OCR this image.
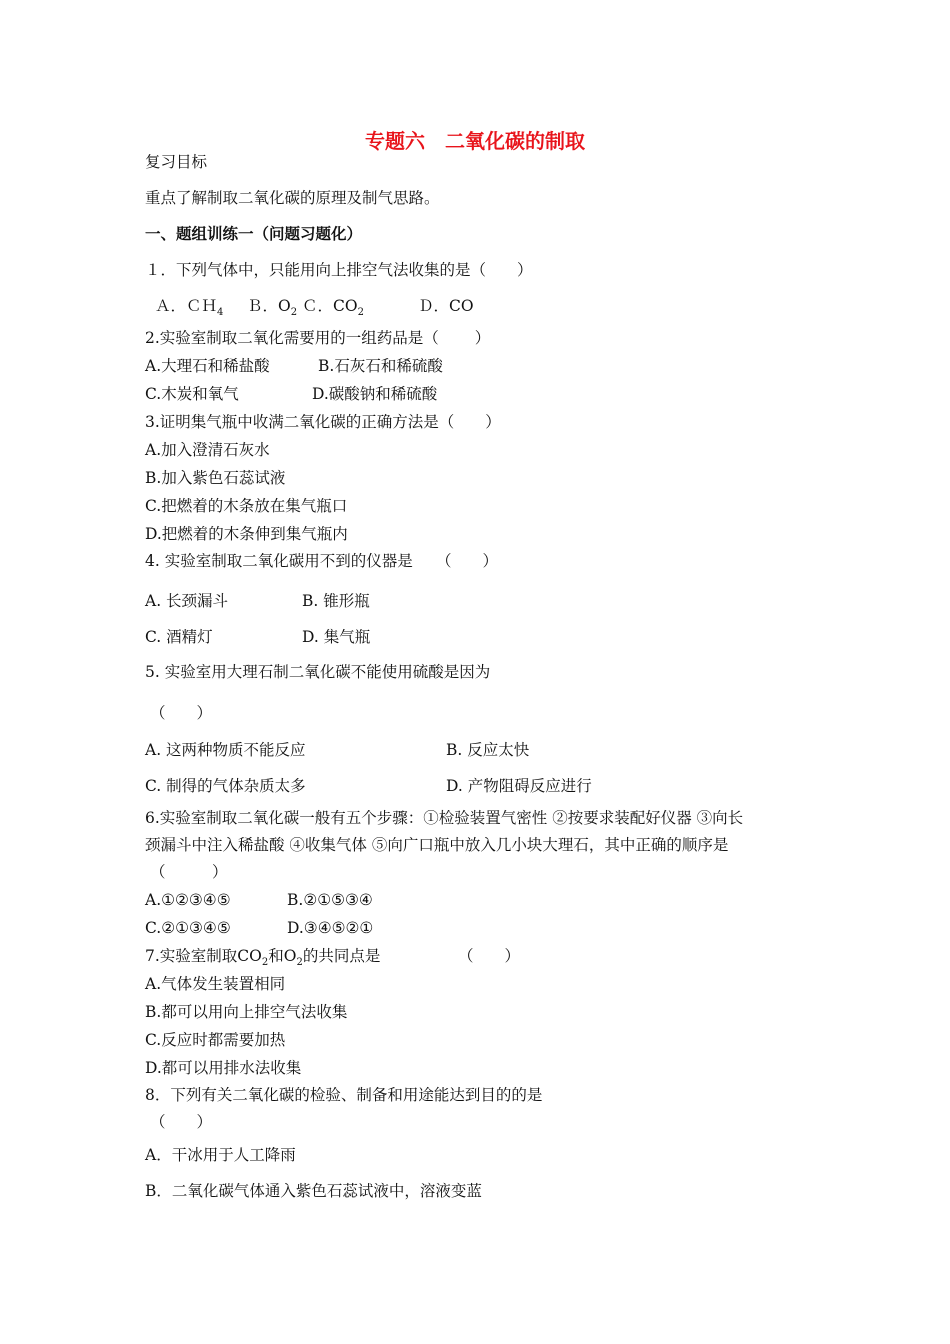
专题六　二氧化碳的制取
复习目标
重点了解制取二氧化碳的原理及制气思路。
一、题组训练一（问题习题化）
１．下列气体中，只能用向上排空气法收集的是（　　）
Ａ．ＣＨ$_4$ Ｂ．$O_2$ Ｃ．$CO_2$	Ｄ．CO
2.实验室制取二氧化需要用的一组药品是（　　 ）
A.大理石和稀盐酸	B.石灰石和稀硫酸
C.木炭和氧气	D.碳酸钠和稀硫酸
3.证明集气瓶中收满二氧化碳的正确方法是（　　）
A.加入澄清石灰水
B.加入紫色石蕊试液
C.把燃着的木条放在集气瓶口
D.把燃着的木条伸到集气瓶内
4. 实验室制取二氧化碳用不到的仪器是　　（　　）
A. 长颈漏斗	B. 锥形瓶
C. 酒精灯	D. 集气瓶
5. 实验室用大理石制二氧化碳不能使用硫酸是因为
（　　）
A. 这两种物质不能反应	B. 反应太快
C. 制得的气体杂质太多	D. 产物阻碍反应进行
6.实验室制取二氧化碳一般有五个步骤：①检验装置气密性 ②按要求装配好仪器 ③向长
颈漏斗中注入稀盐酸 ④收集气体 ⑤向广口瓶中放入几小块大理石，其中正确的顺序是
（　　　）
A.①②③④⑤	B.②①⑤③④
C.②①③④⑤	D.③④⑤②①
7.实验室制取$CO_2$和$O_2$的共同点是	（　　）
A.气体发生装置相同
B.都可以用向上排空气法收集
C.反应时都需要加热
D.都可以用排水法收集
8．下列有关二氧化碳的检验、制备和用途能达到目的的是
（　　）
A．干冰用于人工降雨
B．二氧化碳气体通入紫色石蕊试液中，溶液变蓝
